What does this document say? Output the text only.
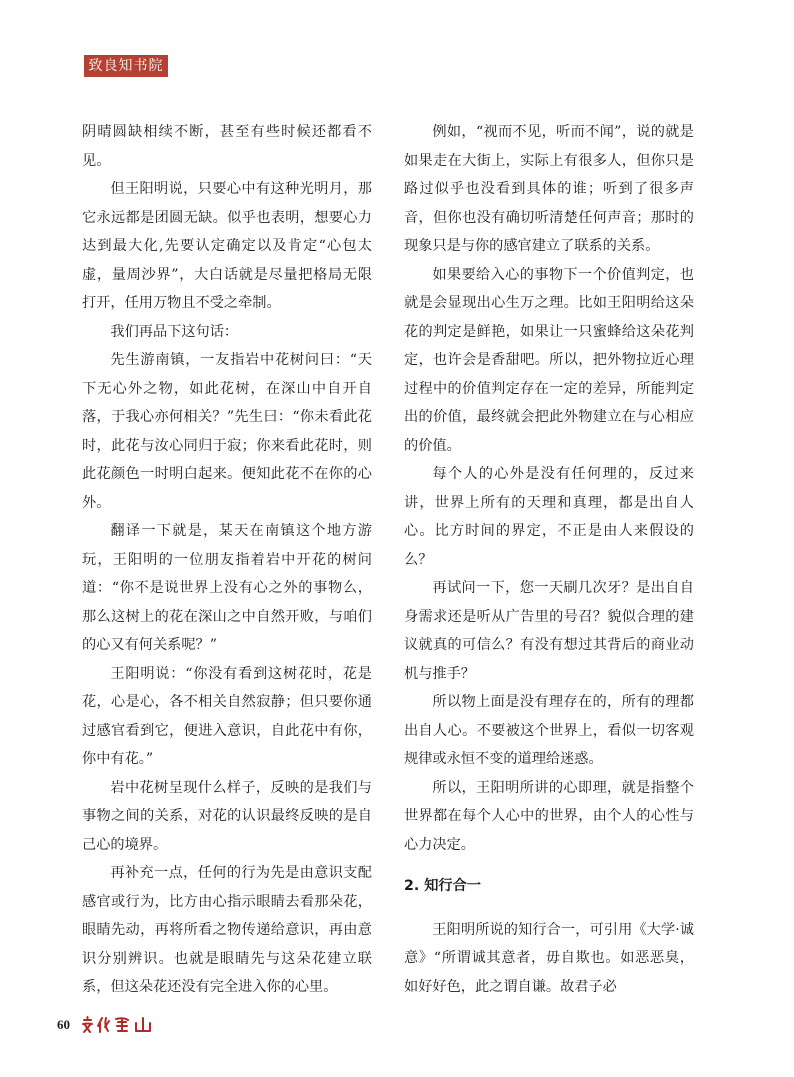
致良知书院

阴晴圆缺相续不断，甚至有些时候还都看不见。

但王阳明说，只要心中有这种光明月，那它永远都是团圆无缺。似乎也表明，想要心力达到最大化,先要认定确定以及肯定“心包太虚，量周沙界”，大白话就是尽量把格局无限打开，任用万物且不受之牵制。

我们再品下这句话：

先生游南镇，一友指岩中花树问曰：“天下无心外之物，如此花树，在深山中自开自落，于我心亦何相关？”先生曰：“你未看此花时，此花与汝心同归于寂；你来看此花时，则此花颜色一时明白起来。便知此花不在你的心外。

翻译一下就是，某天在南镇这个地方游玩，王阳明的一位朋友指着岩中开花的树问道：“你不是说世界上没有心之外的事物么，那么这树上的花在深山之中自然开败，与咱们的心又有何关系呢？”

王阳明说：“你没有看到这树花时，花是花，心是心，各不相关自然寂静；但只要你通过感官看到它，便进入意识，自此花中有你，你中有花。”

岩中花树呈现什么样子，反映的是我们与事物之间的关系，对花的认识最终反映的是自己心的境界。

再补充一点，任何的行为先是由意识支配感官或行为，比方由心指示眼睛去看那朵花，眼睛先动，再将所看之物传递给意识，再由意识分别辨识。也就是眼睛先与这朵花建立联系，但这朵花还没有完全进入你的心里。

例如，“视而不见，听而不闻”，说的就是如果走在大街上，实际上有很多人，但你只是路过似乎也没看到具体的谁；听到了很多声音，但你也没有确切听清楚任何声音；那时的现象只是与你的感官建立了联系的关系。

如果要给入心的事物下一个价值判定，也就是会显现出心生万之理。比如王阳明给这朵花的判定是鲜艳，如果让一只蜜蜂给这朵花判定，也许会是香甜吧。所以，把外物拉近心理过程中的价值判定存在一定的差异，所能判定出的价值，最终就会把此外物建立在与心相应的价值。

每个人的心外是没有任何理的，反过来讲，世界上所有的天理和真理，都是出自人心。比方时间的界定，不正是由人来假设的么？

再试问一下，您一天刷几次牙？是出自自身需求还是听从广告里的号召？貌似合理的建议就真的可信么？有没有想过其背后的商业动机与推手？

所以物上面是没有理存在的，所有的理都出自人心。不要被这个世界上，看似一切客观规律或永恒不变的道理给迷惑。

所以，王阳明所讲的心即理，就是指整个世界都在每个人心中的世界，由个人的心性与心力决定。

2. 知行合一

王阳明所说的知行合一，可引用《大学·诚意》“所谓诚其意者，毋自欺也。如恶恶臭，如好好色，此之谓自谦。故君子必

60
